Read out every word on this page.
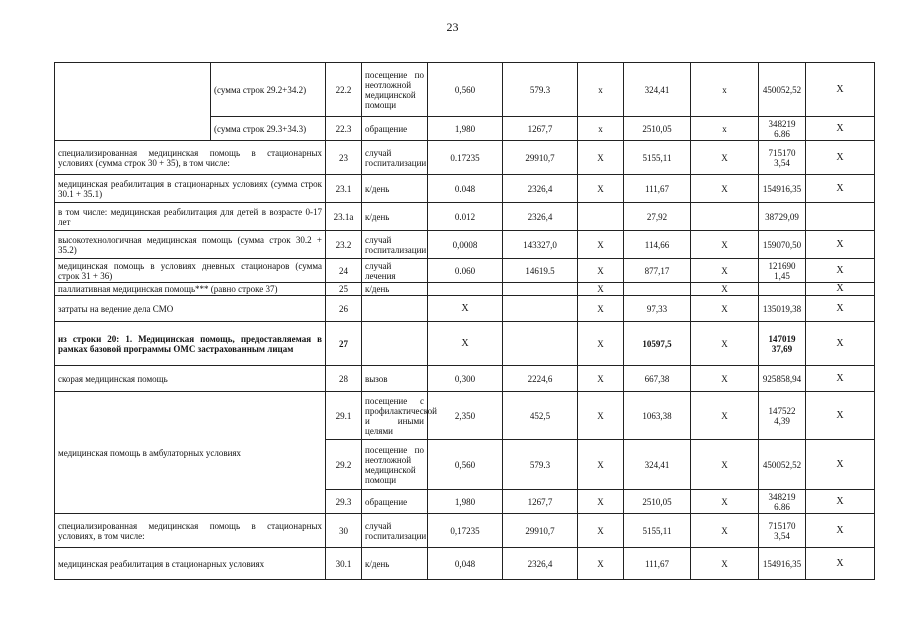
23
	(сумма строк 29.2+34.2)	22.2	посещение по неотложной медицинской помощи	0,560	579.3	х	324,41	х	450052,52	X
	(сумма строк 29.3+34.3)	22.3	обращение	1,980	1267,7	х	2510,05	х	348219 6.86	X
специализированная медицинская помощь в стационарных условиях (сумма строк 30 + 35), в том числе:		23	случай госпитализации	0.17235	29910,7	X	5155,11	X	715170 3,54	X
медицинская реабилитация в стационарных условиях (сумма строк 30.1 + 35.1)		23.1	к/день	0.048	2326,4	X	111,67	X	154916,35	X
в том числе: медицинская реабилитация для детей в возрасте 0-17 лет		23.1а	к/день	0.012	2326,4		27,92		38729,09	
высокотехнологичная медицинская помощь (сумма строк 30.2 + 35.2)		23.2	случай госпитализации	0,0008	143327,0	X	114,66	X	159070,50	X
медицинская помощь в условиях дневных стационаров (сумма строк 31 + 36)		24	случай лечения	0.060	14619.5	X	877,17	X	121690 1,45	X
паллиативная медицинская помощь*** (равно строке 37)		25	к/день			X		X		X
затраты на ведение дела СМО		26		X		X	97,33	X	135019,38	X
из строки 20: 1. Медицинская помощь, предоставляемая в рамках базовой программы ОМС застрахованным лицам		27		X		X	10597,5	X	147019 37,69	X
скорая медицинская помощь		28	вызов	0,300	2224,6	X	667,38	X	925858,94	X
медицинская помощь в амбулаторных условиях		29.1	посещение с профилактической и иными целями	2,350	452,5	X	1063,38	X	147522 4,39	X
		29.2	посещение по неотложной медицинской помощи	0,560	579.3	X	324,41	X	450052,52	X
		29.3	обращение	1,980	1267,7	X	2510,05	X	348219 6.86	X
специализированная медицинская помощь в стационарных условиях, в том числе:		30	случай госпитализации	0,17235	29910,7	X	5155,11	X	715170 3,54	X
медицинская реабилитация в стационарных условиях		30.1	к/день	0,048	2326,4	X	111,67	X	154916,35	X
